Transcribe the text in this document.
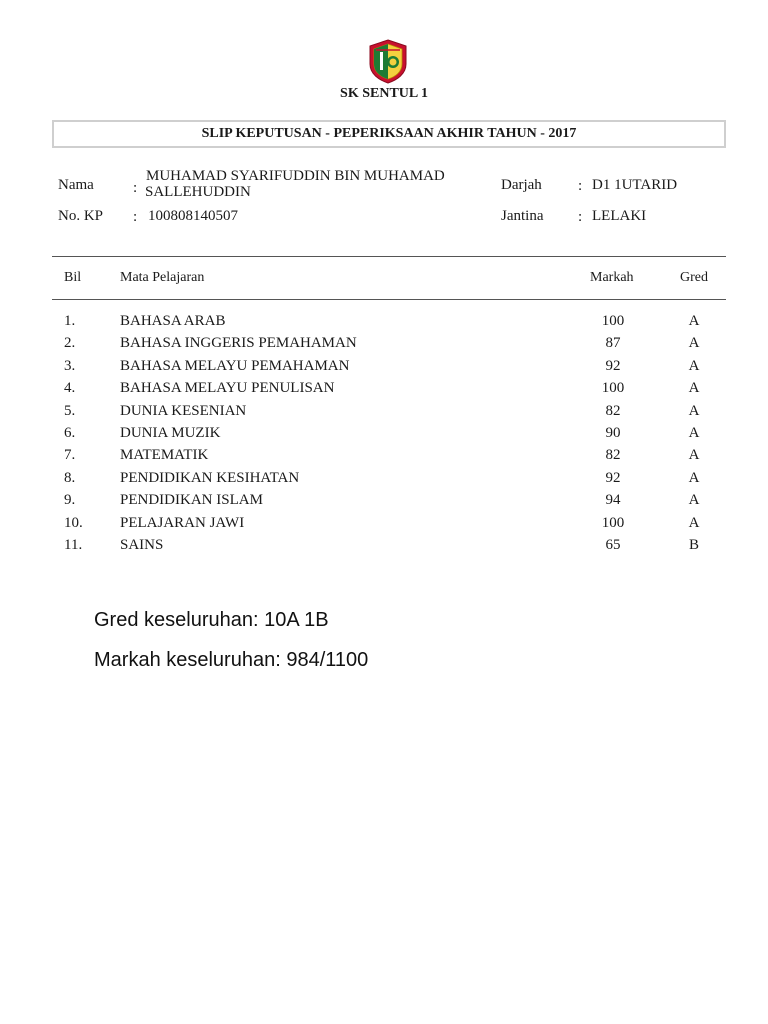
SK SENTUL 1
SLIP KEPUTUSAN - PEPERIKSAAN AKHIR TAHUN - 2017
Nama	:
MUHAMAD SYARIFUDDIN BIN MUHAMAD
SALLEHUDDIN
No. KP : 100808140507
Darjah : D1 1UTARID
Jantina : LELAKI
Bil	Mata Pelajaran	Markah	Gred
1.	BAHASA ARAB	100	A
2.	BAHASA INGGERIS PEMAHAMAN	87	A
3.	BAHASA MELAYU PEMAHAMAN	92	A
4.	BAHASA MELAYU PENULISAN	100	A
5.	DUNIA KESENIAN	82	A
6.	DUNIA MUZIK	90	A
7.	MATEMATIK	82	A
8.	PENDIDIKAN KESIHATAN	92	A
9.	PENDIDIKAN ISLAM	94	A
10. PELAJARAN JAWI	100	A
11.	SAINS	65	B
Gred keseluruhan: 10A 1B
Markah keseluruhan: 984/1100
